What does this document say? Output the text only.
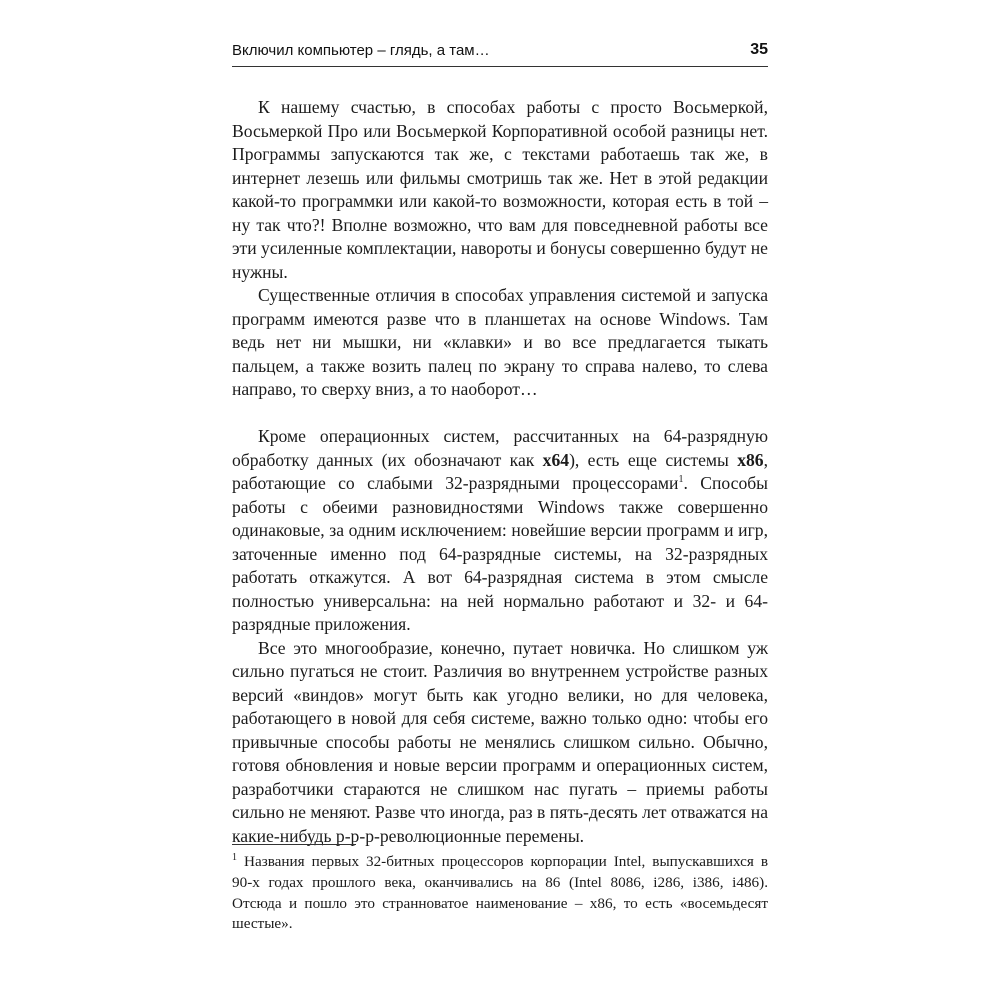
Включил компьютер – глядь, а там…	35

К нашему счастью, в способах работы с просто Восьмеркой, Восьмеркой Про или Восьмеркой Корпоративной особой разницы нет. Программы запускаются так же, с текстами работаешь так же, в интернет лезешь или фильмы смотришь так же. Нет в этой редакции какой-то программки или какой-то возможности, которая есть в той – ну так что?! Вполне возможно, что вам для повседневной работы все эти усиленные комплектации, навороты и бонусы совершенно будут не нужны.

Существенные отличия в способах управления системой и запуска программ имеются разве что в планшетах на основе Windows. Там ведь нет ни мышки, ни «клавки» и во все предлагается тыкать пальцем, а также возить палец по экрану то справа налево, то слева направо, то сверху вниз, а то наоборот…

Кроме операционных систем, рассчитанных на 64-разрядную обработку данных (их обозначают как x64), есть еще системы x86, работающие со слабыми 32-разрядными процессорами$^1$. Способы работы с обеими разновидностями Windows также совершенно одинаковые, за одним исключением: новейшие версии программ и игр, заточенные именно под 64-разрядные системы, на 32-разрядных работать откажутся. А вот 64-разрядная система в этом смысле полностью универсальна: на ней нормально работают и 32- и 64-разрядные приложения.

Все это многообразие, конечно, путает новичка. Но слишком уж сильно пугаться не стоит. Различия во внутреннем устройстве разных версий «виндов» могут быть как угодно велики, но для человека, работающего в новой для себя системе, важно только одно: чтобы его привычные способы работы не менялись слишком сильно. Обычно, готовя обновления и новые версии программ и операционных систем, разработчики стараются не слишком нас пугать – приемы работы сильно не меняют. Разве что иногда, раз в пять-десять лет отважатся на какие-нибудь р-р-р-революционные перемены.

1 Названия первых 32-битных процессоров корпорации Intel, выпускавшихся в 90-х годах прошлого века, оканчивались на 86 (Intel 8086, i286, i386, i486). Отсюда и пошло это странноватое наименование – x86, то есть «восемьдесят шестые».
